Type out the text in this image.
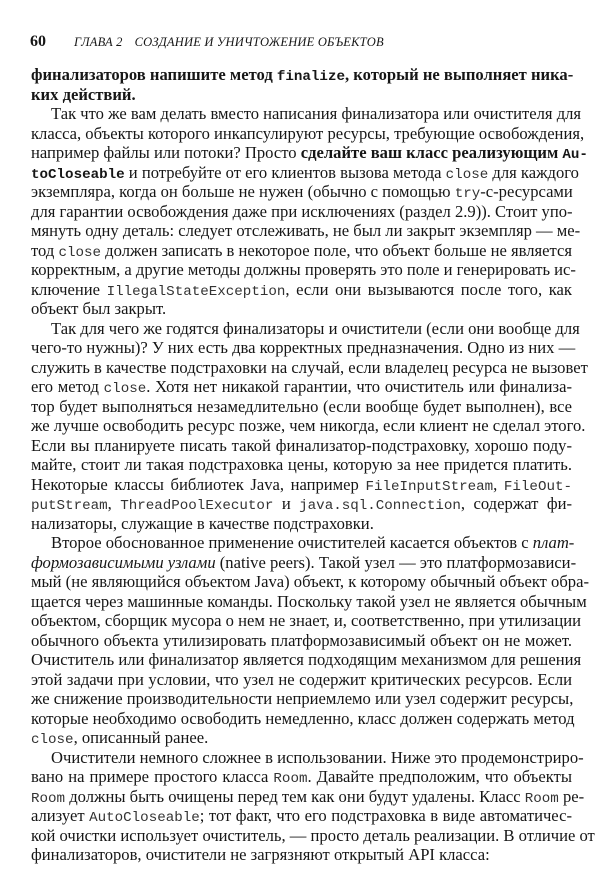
60	ГЛАВА 2 СОЗДАНИЕ И УНИЧТОЖЕНИЕ ОБЪЕКТОВ
финализаторов напишите метод finalize, который не выполняет ника-
ких действий.
Так что же вам делать вместо написания финализатора или очистителя для
класса, объекты которого инкапсулируют ресурсы, требующие освобождения,
например файлы или потоки? Просто сделайте ваш класс реализующим Au-
toCloseable и потребуйте от его клиентов вызова метода close для каждого
экземпляра, когда он больше не нужен (обычно с помощью try-с-ресурсами
для гарантии освобождения даже при исключениях (раздел 2.9)). Стоит упо-
мянуть одну деталь: следует отслеживать, не был ли закрыт экземпляр — ме-
тод close должен записать в некоторое поле, что объект больше не является
корректным, а другие методы должны проверять это поле и генерировать ис-
ключение IllegalStateException, если они вызываются после того, как
объект был закрыт.
Так для чего же годятся финализаторы и очистители (если они вообще для
чего-то нужны)? У них есть два корректных предназначения. Одно из них —
служить в качестве подстраховки на случай, если владелец ресурса не вызовет
его метод close. Хотя нет никакой гарантии, что очиститель или финализа-
тор будет выполняться незамедлительно (если вообще будет выполнен), все
же лучше освободить ресурс позже, чем никогда, если клиент не сделал этого.
Если вы планируете писать такой финализатор-подстраховку, хорошо поду-
майте, стоит ли такая подстраховка цены, которую за нее придется платить.
Некоторые классы библиотек Java, например FileInputStream, FileOut-
putStream, ThreadPoolExecutor и java.sql.Connection, содержат фи-
нализаторы, служащие в качестве подстраховки.
Второе обоснованное применение очистителей касается объектов с плат-
формозависимыми узлами (native peers). Такой узел — это платформозависи-
мый (не являющийся объектом Java) объект, к которому обычный объект обра-
щается через машинные команды. Поскольку такой узел не является обычным
объектом, сборщик мусора о нем не знает, и, соответственно, при утилизации
обычного объекта утилизировать платформозависимый объект он не может.
Очиститель или финализатор является подходящим механизмом для решения
этой задачи при условии, что узел не содержит критических ресурсов. Если
же снижение производительности неприемлемо или узел содержит ресурсы,
которые необходимо освободить немедленно, класс должен содержать метод
close, описанный ранее.
Очистители немного сложнее в использовании. Ниже это продемонстриро-
вано на примере простого класса Room. Давайте предположим, что объекты
Room должны быть очищены перед тем как они будут удалены. Класс Room ре-
ализует AutoCloseable; тот факт, что его подстраховка в виде автоматичес-
кой очистки использует очиститель, — просто деталь реализации. В отличие от
финализаторов, очистители не загрязняют открытый API класса:
